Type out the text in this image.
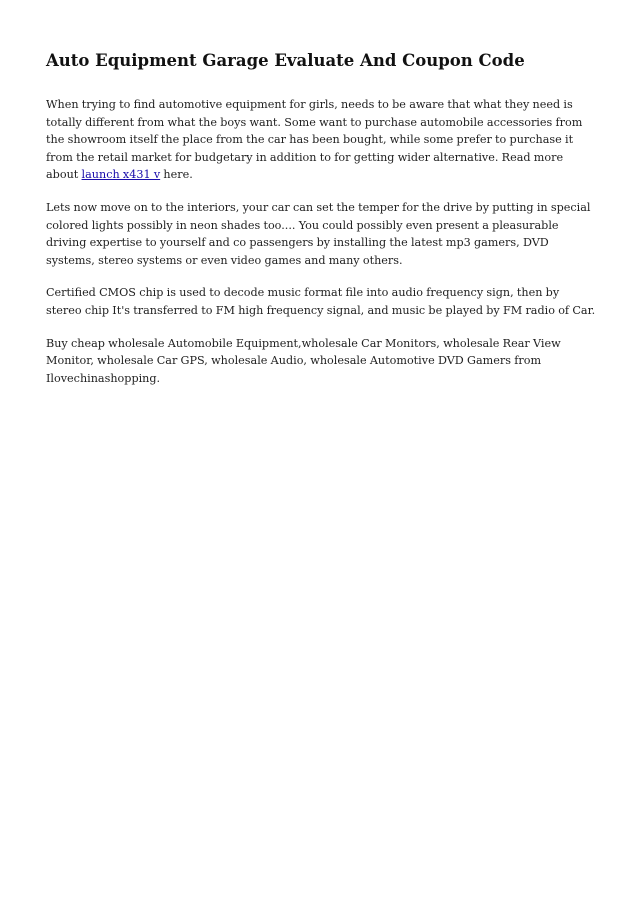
Auto Equipment Garage Evaluate And Coupon Code

When trying to find automotive equipment for girls, needs to be aware that what they need is totally different from what the boys want. Some want to purchase automobile accessories from the showroom itself the place from the car has been bought, while some prefer to purchase it from the retail market for budgetary in addition to for getting wider alternative. Read more about launch x431 v here.

Lets now move on to the interiors, your car can set the temper for the drive by putting in special colored lights possibly in neon shades too.... You could possibly even present a pleasurable driving expertise to yourself and co passengers by installing the latest mp3 gamers, DVD systems, stereo systems or even video games and many others.

Certified CMOS chip is used to decode music format file into audio frequency sign, then by stereo chip It's transferred to FM high frequency signal, and music be played by FM radio of Car.

Buy cheap wholesale Automobile Equipment,wholesale Car Monitors, wholesale Rear View Monitor, wholesale Car GPS, wholesale Audio, wholesale Automotive DVD Gamers from Ilovechinashopping.
